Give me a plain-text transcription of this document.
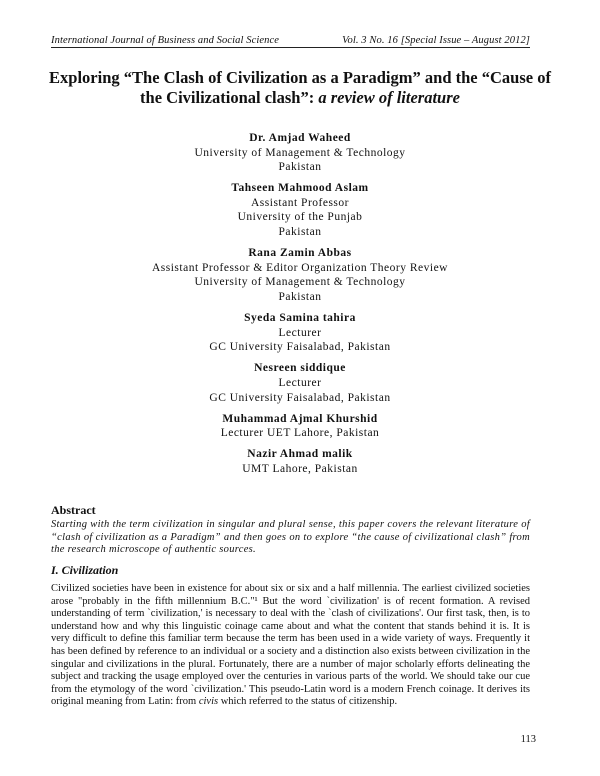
International Journal of Business and Social Science	Vol. 3 No. 16 [Special Issue – August 2012]
Exploring “The Clash of Civilization as a Paradigm” and the “Cause of
the Civilizational clash”: a review of literature
Dr. Amjad Waheed
University of Management & Technology
Pakistan
Tahseen Mahmood Aslam
Assistant Professor
University of the Punjab
Pakistan
Rana Zamin Abbas
Assistant Professor & Editor Organization Theory Review
University of Management & Technology
Pakistan
Syeda Samina tahira
Lecturer
GC University Faisalabad, Pakistan
Nesreen siddique
Lecturer
GC University Faisalabad, Pakistan
Muhammad Ajmal Khurshid
Lecturer UET Lahore, Pakistan
Nazir Ahmad malik
UMT Lahore, Pakistan
Abstract
Starting with the term civilization in singular and plural sense, this paper covers the relevant literature of “clash of civilization as a Paradigm” and then goes on to explore “the cause of civilizational clash” from the research microscope of authentic sources.
I. Civilization
Civilized societies have been in existence for about six or six and a half millennia. The earliest civilized societies arose "probably in the fifth millennium B.C."¹ But the word `civilization' is of recent formation. A revised understanding of term `civilization,' is necessary to deal with the `clash of civilizations'. Our first task, then, is to understand how and why this linguistic coinage came about and what the content that stands behind it is. It is very difficult to define this familiar term because the term has been used in a wide variety of ways. Frequently it has been defined by reference to an individual or a society and a distinction also exists between civilization in the singular and civilizations in the plural. Fortunately, there are a number of major scholarly efforts delineating the subject and tracking the usage employed over the centuries in various parts of the world. We should take our cue from the etymology of the word `civilization.' This pseudo-Latin word is a modern French coinage. It derives its original meaning from Latin: from civis which referred to the status of citizenship.
113
